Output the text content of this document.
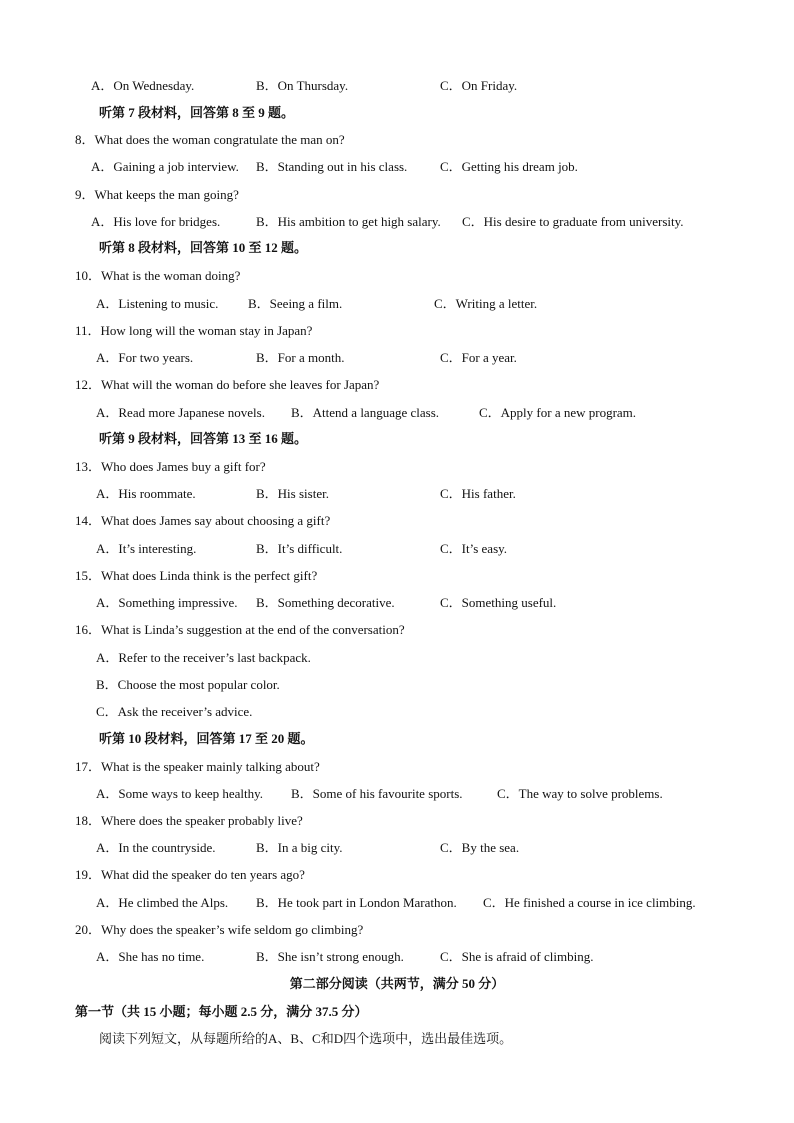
A．On Wednesday.	B．On Thursday.	C．On Friday.
听第 7 段材料，回答第 8 至 9 题。
8．What does the woman congratulate the man on?
A．Gaining a job interview. B．Standing out in his class.	C．Getting his dream job.
9．What keeps the man going?
A．His love for bridges.	B．His ambition to get high salary. C．His desire to graduate from university.
听第 8 段材料，回答第 10 至 12 题。
10．What is the woman doing?
A．Listening to music. B．Seeing a film.	C．Writing a letter.
11．How long will the woman stay in Japan?
A．For two years.	B．For a month.	C．For a year.
12．What will the woman do before she leaves for Japan?
A．Read more Japanese novels. B．Attend a language class.	C．Apply for a new program.
听第 9 段材料，回答第 13 至 16 题。
13．Who does James buy a gift for?
A．His roommate.	B．His sister.	C．His father.
14．What does James say about choosing a gift?
A．It’s interesting.	B．It’s difficult.	C．It’s easy.
15．What does Linda think is the perfect gift?
A．Something impressive. B．Something decorative.	C．Something useful.
16．What is Linda’s suggestion at the end of the conversation?
A．Refer to the receiver’s last backpack.
B．Choose the most popular color.
C．Ask the receiver’s advice.
听第 10 段材料，回答第 17 至 20 题。
17．What is the speaker mainly talking about?
A．Some ways to keep healthy. B．Some of his favourite sports.	C．The way to solve problems.
18．Where does the speaker probably live?
A．In the countryside.	B．In a big city.	C．By the sea.
19．What did the speaker do ten years ago?
A．He climbed the Alps. B．He took part in London Marathon. C．He finished a course in ice climbing.
20．Why does the speaker’s wife seldom go climbing?
A．She has no time.	B．She isn’t strong enough.	C．She is afraid of climbing.
第二部分阅读（共两节，满分 50 分）
第一节（共 15 小题；每小题 2.5 分，满分 37.5 分）
阅读下列短文，从每题所给的A、B、C和D四个选项中，选出最佳选项。
